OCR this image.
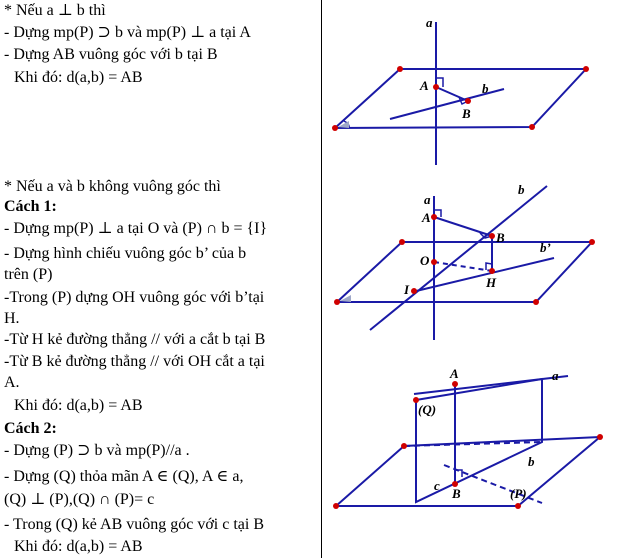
* Nếu a ⊥ b thì
- Dựng mp(P) ⊃ b và mp(P) ⊥ a tại A
- Dựng AB vuông góc với b tại B
Khi đó: d(a,b) = AB
* Nếu a và b không vuông góc thì
Cách 1:
- Dựng mp(P) ⊥ a tại O và (P) ∩ b = {I}
- Dựng hình chiếu vuông góc b’ của b
trên (P)
-Trong (P) dựng OH vuông góc với b’tại
H.
-Từ H kẻ đường thẳng // với a cắt b tại B
-Từ B kẻ đường thẳng // với OH cắt a tại
A.
Khi đó: d(a,b) = AB
Cách 2:
- Dựng (P) ⊃ b và mp(P)//a .
- Dựng (Q) thỏa mãn A ∈ (Q), A ∈ a,
(Q) ⊥ (P),(Q) ∩ (P)= c
- Trong (Q) kẻ AB vuông góc với c tại B
Khi đó: d(a,b) = AB
a
A	b
B
a
A
b
B
b’
O
I	H
A	a
(Q)
b
c
B	(P)
